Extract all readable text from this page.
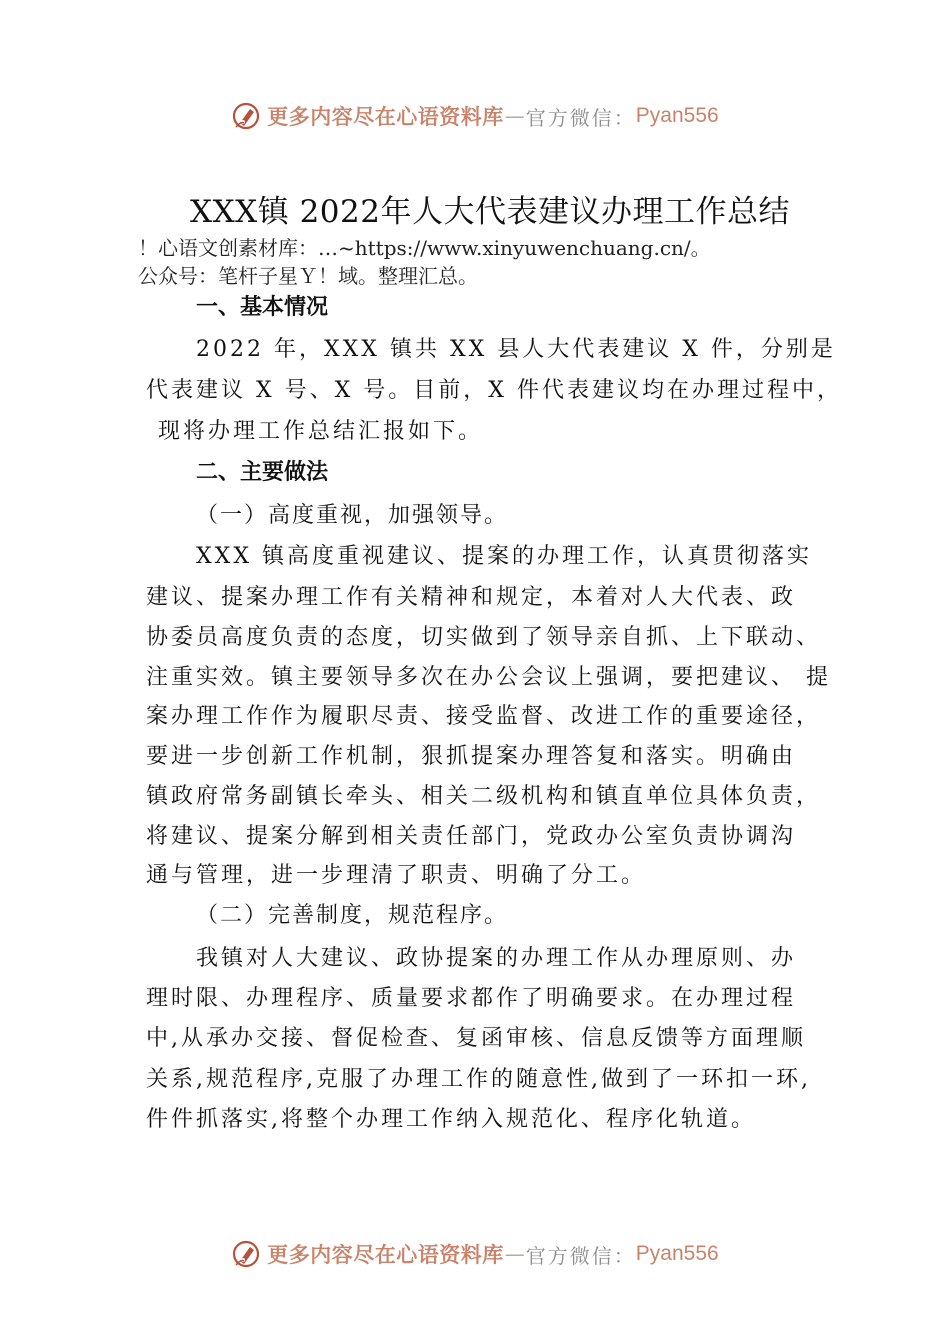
更多内容尽在心语资料库 — 官方微信： Pyan556
XXX镇 2022年人大代表建议办理工作总结
！心语文创素材库：…~https://www.xinyuwenchuang.cn/。
公众号：笔杆子星Ｙ！域。整理汇总。
一、基本情况
2022 年，XXX 镇共 XX 县人大代表建议 X 件，分别是
代表建议 X 号、X 号。目前，X 件代表建议均在办理过程中，
现将办理工作总结汇报如下。
二、主要做法
（一）高度重视，加强领导。
XXX 镇高度重视建议、提案的办理工作，认真贯彻落实
建议、提案办理工作有关精神和规定，本着对人大代表、政
协委员高度负责的态度，切实做到了领导亲自抓、上下联动、
注重实效。镇主要领导多次在办公会议上强调，要把建议、 提
案办理工作作为履职尽责、接受监督、改进工作的重要途径，
要进一步创新工作机制，狠抓提案办理答复和落实。明确由
镇政府常务副镇长牵头、相关二级机构和镇直单位具体负责，
将建议、提案分解到相关责任部门，党政办公室负责协调沟
通与管理，进一步理清了职责、明确了分工。
（二）完善制度，规范程序。
我镇对人大建议、政协提案的办理工作从办理原则、办
理时限、办理程序、质量要求都作了明确要求。在办理过程
中,从承办交接、督促检查、复函审核、信息反馈等方面理顺
关系,规范程序,克服了办理工作的随意性,做到了一环扣一环,
件件抓落实,将整个办理工作纳入规范化、程序化轨道。
更多内容尽在心语资料库 — 官方微信： Pyan556
